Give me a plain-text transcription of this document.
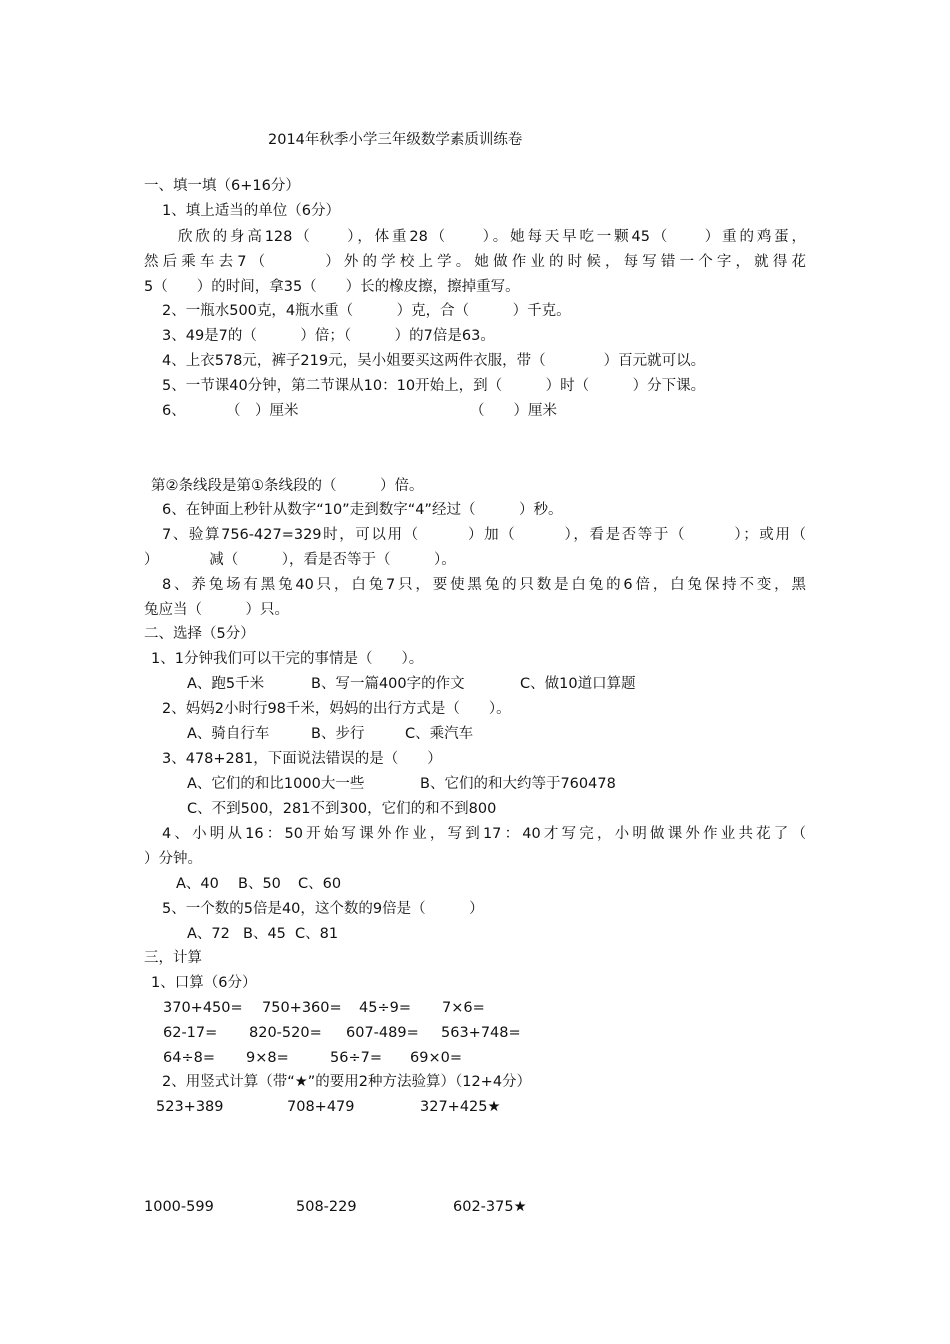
2014年秋季小学三年级数学素质训练卷
一、填一填（6+16分）
1、填上适当的单位（6分）
欣欣的身高128（　　），体重28（　　）。她每天早吃一颗45（　　）重的鸡蛋，
然后乘车去7（　　　）外的学校上学。她做作业的时候，每写错一个字，就得花
5（　　）的时间，拿35（　　）长的橡皮擦，擦掉重写。
2、一瓶水500克，4瓶水重（　　　）克，合（　　　）千克。
3、49是7的（　　　）倍；（　　　）的7倍是63。
4、上衣578元，裤子219元，吴小姐要买这两件衣服，带（　　　　）百元就可以。
5、一节课40分钟，第二节课从10：10开始上，到（　　　）时（　　　）分下课。
6、	（　）厘米	（　　）厘米
第②条线段是第①条线段的（　　　）倍。
6、在钟面上秒针从数字“10”走到数字“4”经过（　　　）秒。
7、验算756-427=329时，可以用（　　　）加（　　　），看是否等于（　　　）；或用（
）　　　　减（　　　），看是否等于（　　　）。
8、养兔场有黑兔40只，白兔7只，要使黑兔的只数是白兔的6倍，白兔保持不变，黑
兔应当（　　　）只。
二、选择（5分）
1、1分钟我们可以干完的事情是（　　）。
A、跑5千米	B、写一篇400字的作文	C、做10道口算题
2、妈妈2小时行98千米，妈妈的出行方式是（　　）。
A、骑自行车	B、步行	C、乘汽车
3、478+281，下面说法错误的是（　　）
A、它们的和比1000大一些	B、它们的和大约等于760478
C、不到500，281不到300，它们的和不到800
4、小明从16：50开始写课外作业，写到17：40才写完，小明做课外作业共花了（
）分钟。
A、40 B、50 C、60
5、一个数的5倍是40，这个数的9倍是（　　　）
A、72 B、45 C、81
三，计算
1、口算（6分）
370+450= 750+360= 45÷9= 7×6=
62-17= 820-520= 607-489= 563+748=
64÷8= 9×8=	56÷7= 69×0=
2、用竖式计算（带“★”的要用2种方法验算）（12+4分）
523+389	708+479	327+425★
1000-599	508-229	602-375★
